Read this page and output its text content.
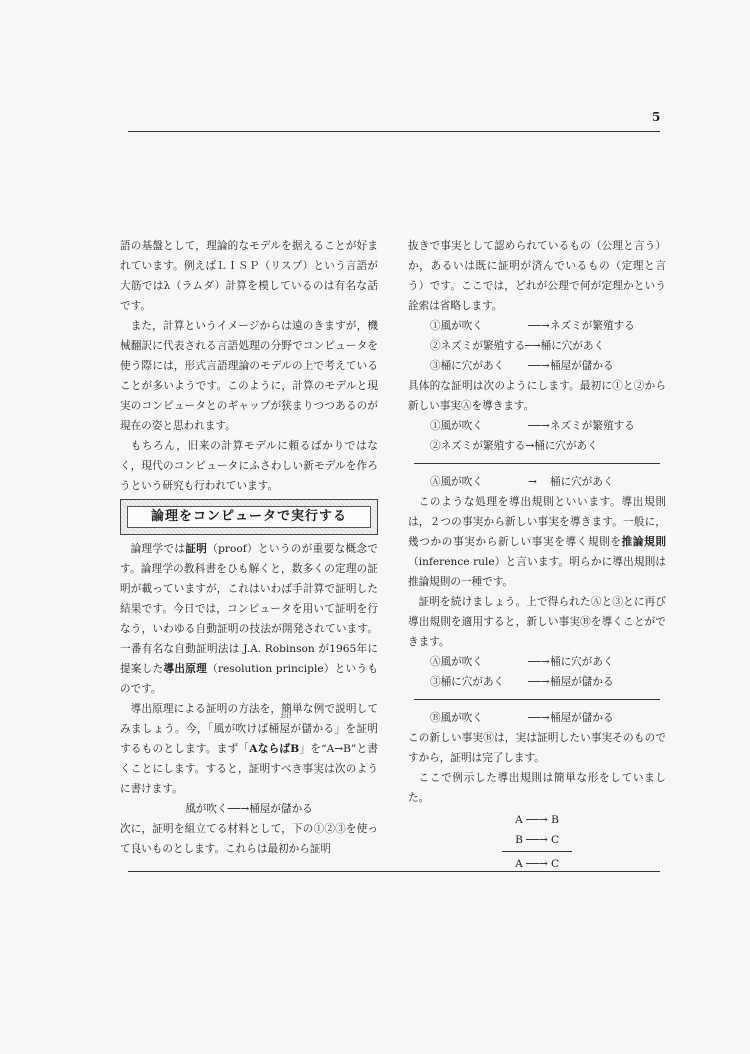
5

語の基盤として，理論的なモデルを据えることが好まれています。例えばＬＩＳＰ（リスプ）という言語が大筋ではλ（ラムダ）計算を模しているのは有名な話です。

また，計算というイメージからは遠のきますが，機械翻訳に代表される言語処理の分野でコンピュータを使う際には，形式言語理論のモデルの上で考えていることが多いようです。このように，計算のモデルと現実のコンピュータとのギャップが狭まりつつあるのが現在の姿と思われます。

もちろん，旧来の計算モデルに頼るばかりではなく，現代のコンピュータにふさわしい新モデルを作ろうという研究も行われています。

論理をコンピュータで実行する

論理学では証明（proof）というのが重要な概念です。論理学の教科書をひも解くと，数多くの定理の証明が載っていますが，これはいわば手計算で証明した結果です。今日では，コンピュータを用いて証明を行なう，いわゆる自動証明の技法が開発されています。一番有名な自動証明法は J.A. Robinson が1965年に提案した導出原理（resolution principle）というものです。

導出原理による証明の方法を，簡単な例で説明してみましょう。今，「風が吹けば
おけ
桶屋が儲かる」を証明するものとします。まず「AならばB」を“A→B”と書くことにします。すると，証明すべき事実は次のように書けます。

風が吹く──→桶屋が儲かる

次に，証明を組立てる材料として，下の①②③を使って良いものとします。これらは最初から証明

抜きで事実として認められているもの（公理と言う）か，あるいは既に証明が済んでいるもの（定理と言う）です。ここでは，どれが公理で何が定理かという詮索は省略します。

①風が吹く	──→ ネズミが繁殖する
②ネズミが繁殖する ─→ 桶に穴があく
③桶に穴があく	──→ 桶屋が儲かる

具体的な証明は次のようにします。最初に①と②から新しい事実Ⓐを導きます。

①風が吹く	──→ ネズミが繁殖する
②ネズミが繁殖する → 桶に穴があく
Ⓐ風が吹く	→	桶に穴があく

このような処理を導出規則といいます。導出規則は，２つの事実から新しい事実を導きます。一般に，幾つかの事実から新しい事実を導く規則を推論規則（inference rule）と言います。明らかに導出規則は推論規則の一種です。

証明を続けましょう。上で得られたⒶと③とに再び導出規則を適用すると，新しい事実Ⓑを導くことができます。

Ⓐ風が吹く	──→ 桶に穴があく
③桶に穴があく	──→ 桶屋が儲かる
Ⓑ風が吹く	──→ 桶屋が儲かる

この新しい事実Ⓑは，実は証明したい事実そのものですから，証明は完了します。

ここで例示した導出規則は簡単な形をしていました。

A ──→ B
B ──→ C
A ──→ C
